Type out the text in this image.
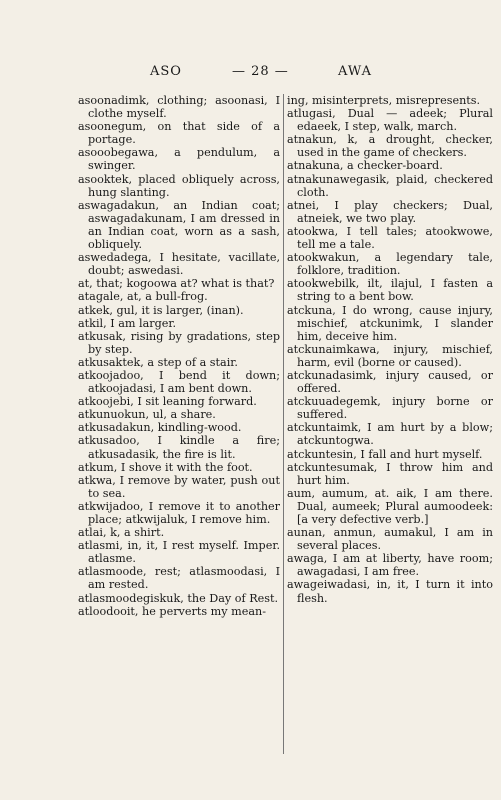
ASO	— 28 —	AWA

asoonadimk, clothing; asoonasi, I clothe myself.

asoonegum, on that side of a portage.

asooobegawa, a pendulum, a swinger.

asooktek, placed obliquely across, hung slanting.

aswagadakun, an Indian coat; aswagadakunam, I am dressed in an Indian coat, worn as a sash, obliquely.

aswedadega, I hesitate, vacillate, doubt; aswedasi.

at, that; kogoowa at? what is that?

atagale, at, a bull-frog.

atkek, gul, it is larger, (inan).

atkil, I am larger.

atkusak, rising by gradations, step by step.

atkusaktek, a step of a stair.

atkoojadoo, I bend it down; atkoojadasi, I am bent down.

atkoojebi, I sit leaning forward.

atkunuokun, ul, a share.

atkusadakun, kindling-wood.

atkusadoo, I kindle a fire; atkusadasik, the fire is lit.

atkum, I shove it with the foot.

atkwa, I remove by water, push out to sea.

atkwijadoo, I remove it to another place; atkwijaluk, I remove him.

atlai, k, a shirt.

atlasmi, in, it, I rest myself. Imper. atlasme.

atlasmoode, rest; atlasmoodasi, I am rested.

atlasmoodegiskuk, the Day of Rest.

atloodooit, he perverts my mean-

ing, misinterprets, misrepresents.

atlugasi, Dual — adeek; Plural edaeek, I step, walk, march.

atnakun, k, a drought, checker, used in the game of checkers.

atnakuna, a checker-board.

atnakunawegasik, plaid, checkered cloth.

atnei, I play checkers; Dual, atneiek, we two play.

atookwa, I tell tales; atookwowe, tell me a tale.

atookwakun, a legendary tale, folklore, tradition.

atookwebilk, ilt, ilajul, I fasten a string to a bent bow.

atckuna, I do wrong, cause injury, mischief, atckunimk, I slander him, deceive him.

atckunaimkawa, injury, mischief, harm, evil (borne or caused).

atckunadasimk, injury caused, or offered.

atckuuadegemk, injury borne or suffered.

atckuntaimk, I am hurt by a blow; atckuntogwa.

atckuntesin, I fall and hurt myself.

atckuntesumak, I throw him and hurt him.

aum, aumum, at. aik, I am there. Dual, aumeek; Plural aumoodeek: [a very defective verb.]

aunan, anmun, aumakul, I am in several places.

awaga, I am at liberty, have room; awagadasi, I am free.

awageiwadasi, in, it, I turn it into flesh.
